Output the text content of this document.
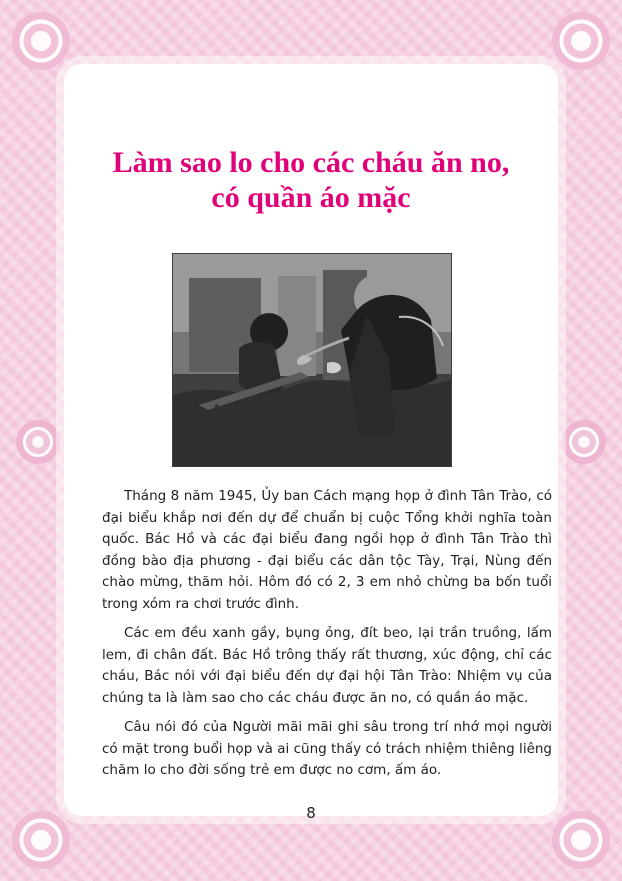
Làm sao lo cho các cháu ăn no,
có quần áo mặc

Tháng 8 năm 1945, Ủy ban Cách mạng họp ở đình Tân Trào, có đại biểu khắp nơi đến dự để chuẩn bị cuộc Tổng khởi nghĩa toàn quốc. Bác Hồ và các đại biểu đang ngồi họp ở đình Tân Trào thì đồng bào địa phương - đại biểu các dân tộc Tày, Trại, Nùng đến chào mừng, thăm hỏi. Hôm đó có 2, 3 em nhỏ chừng ba bốn tuổi trong xóm ra chơi trước đình.

Các em đều xanh gầy, bụng ỏng, đít beo, lại trần truồng, lấm lem, đi chân đất. Bác Hồ trông thấy rất thương, xúc động, chỉ các cháu, Bác nói với đại biểu đến dự đại hội Tân Trào: Nhiệm vụ của chúng ta là làm sao cho các cháu được ăn no, có quần áo mặc.

Câu nói đó của Người mãi mãi ghi sâu trong trí nhớ mọi người có mặt trong buổi họp và ai cũng thấy có trách nhiệm thiêng liêng chăm lo cho đời sống trẻ em được no cơm, ấm áo.

8
